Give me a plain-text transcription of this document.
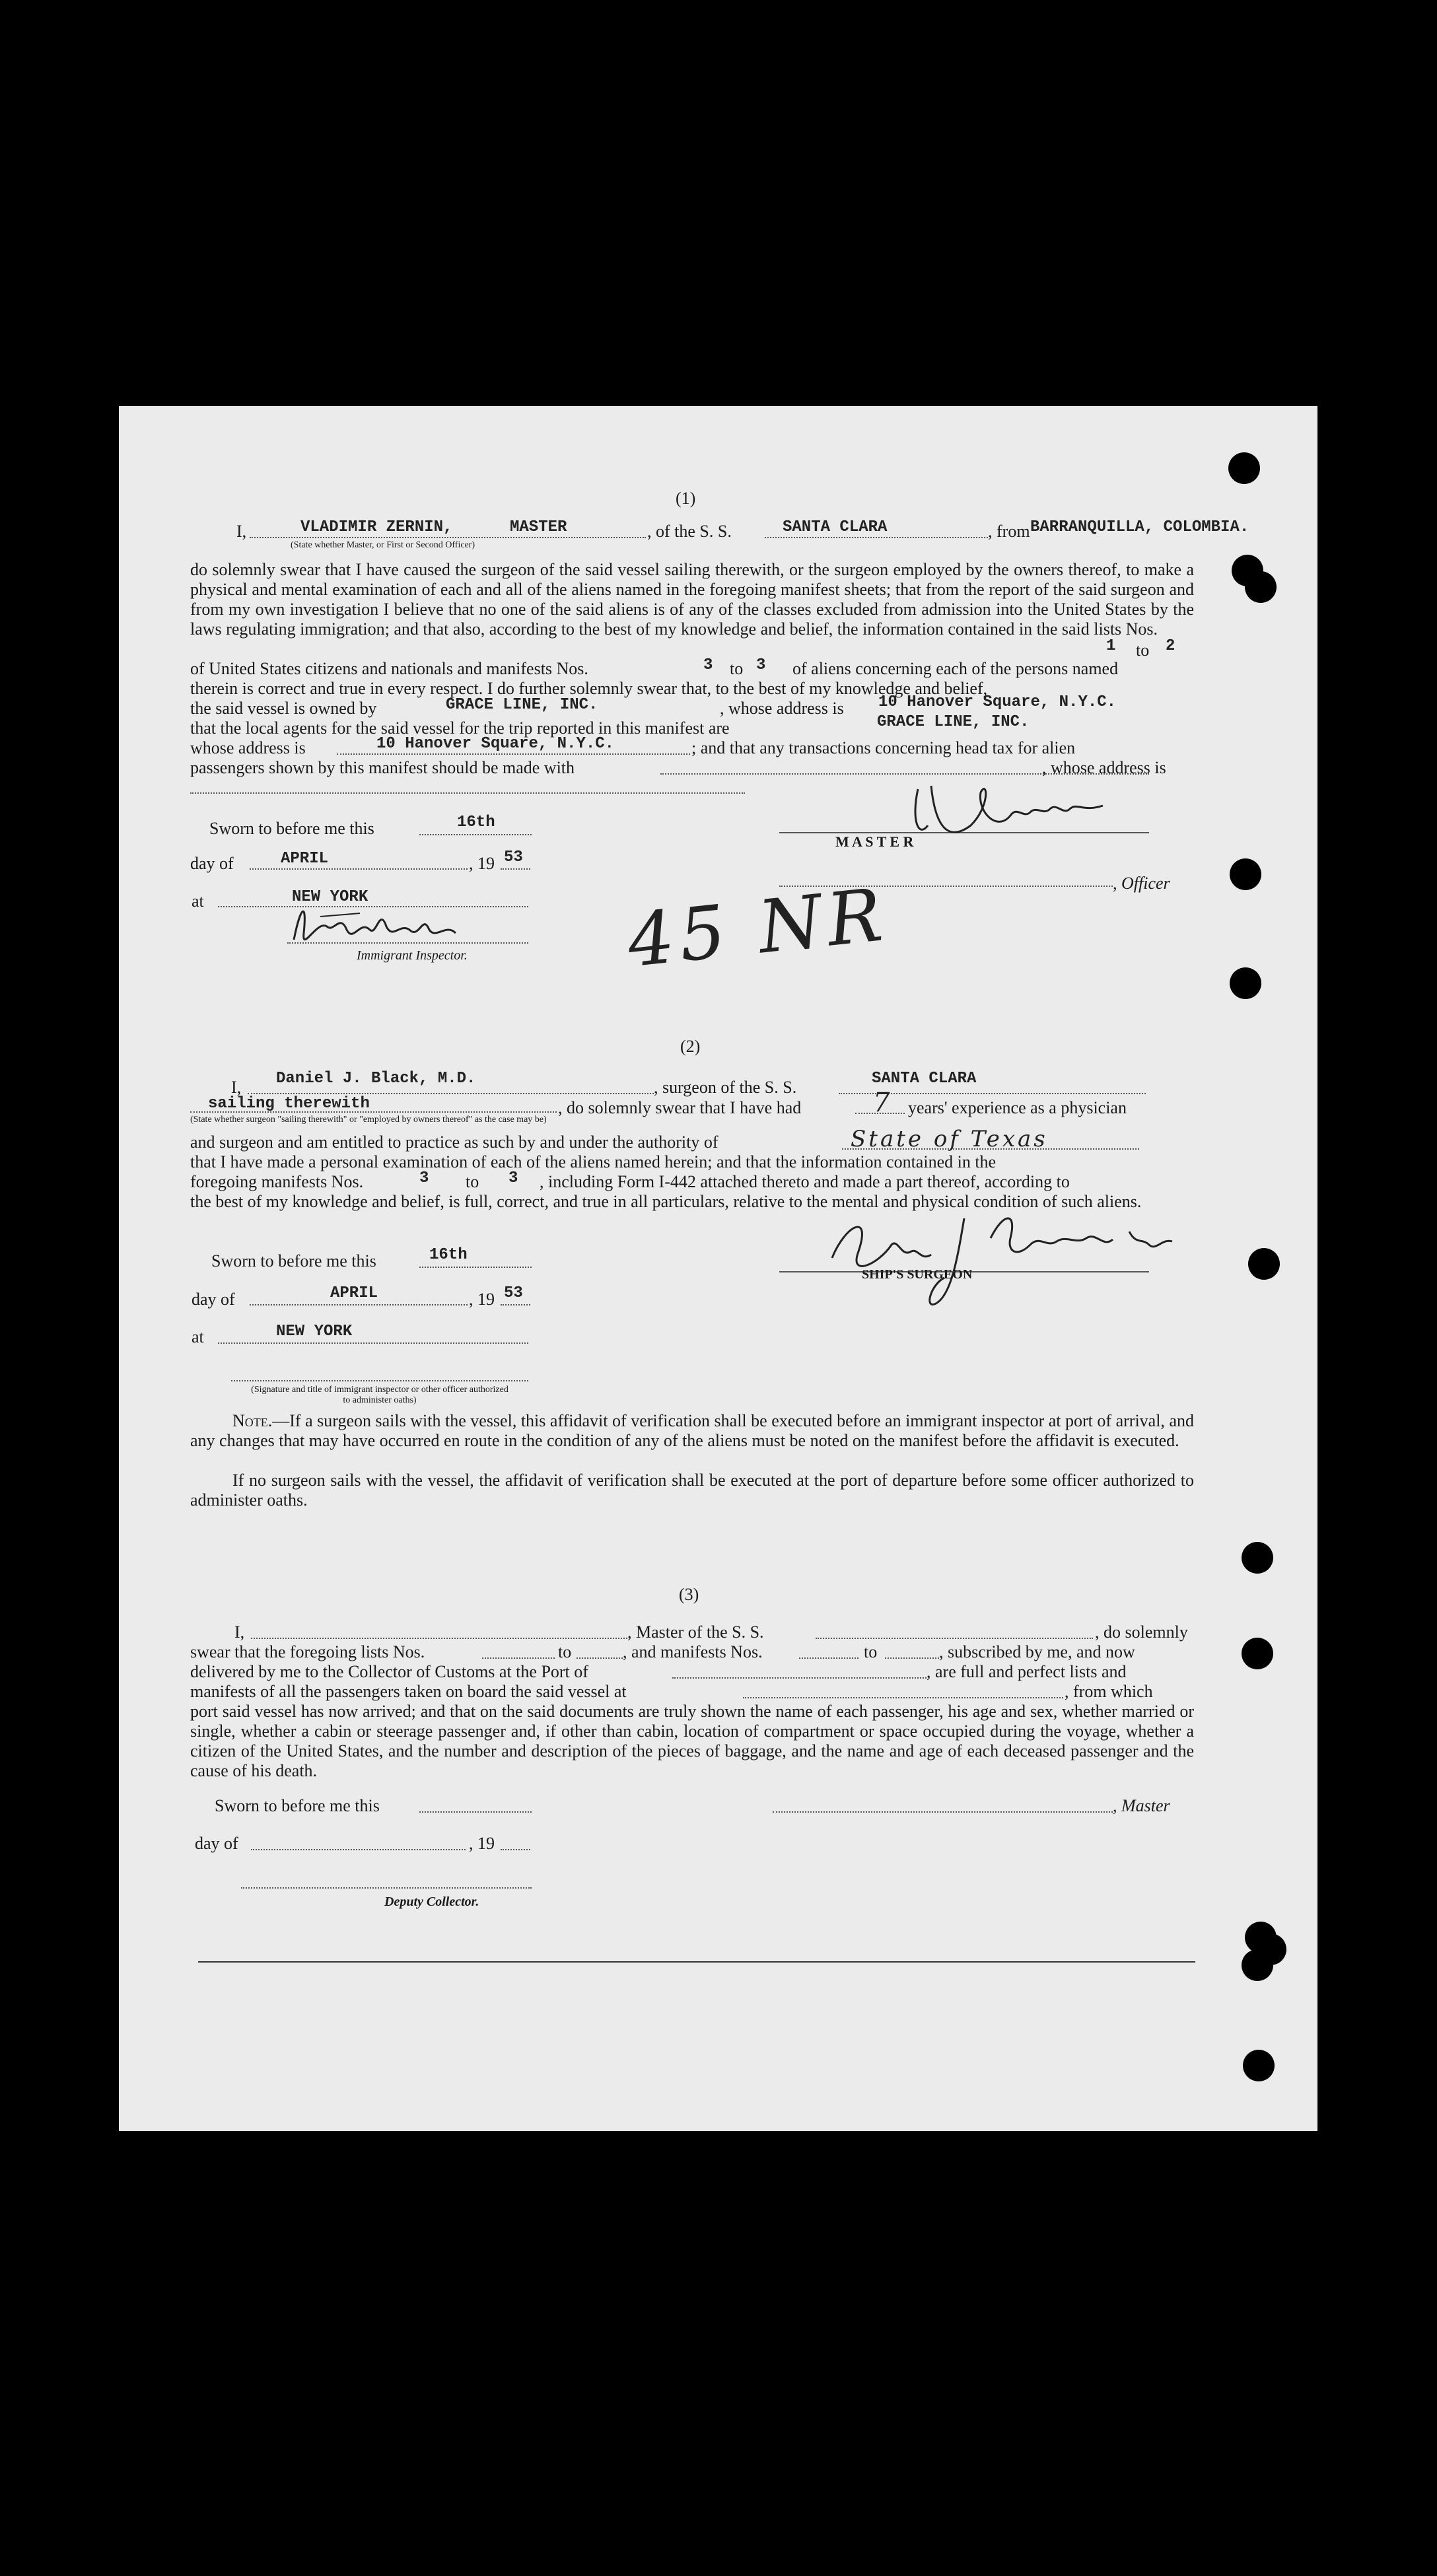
(1)
I,	VLADIMIR ZERNIN,	MASTER
(State whether Master, or First or Second Officer)
, of the S. S.	SANTA CLARA	, from BARRANQUILLA, COLOMBIA.
do solemnly swear that I have caused the surgeon of the said vessel sailing therewith, or the surgeon employed by the owners thereof, to make a physical and mental examination of each and all of the aliens named in the foregoing manifest sheets; that from the report of the said surgeon and from my own investigation I believe that no one of the said aliens is of any of the classes excluded from admission into the United States by the laws regulating immigration; and that also, according to the best of my knowledge and belief, the information contained in the said lists Nos.
of United States citizens and nationals and manifests Nos.
1 to 2
3 to 3 of aliens concerning each of the persons named
therein is correct and true in every respect. I do further solemnly swear that, to the best of my knowledge and belief,
the said vessel is owned by	GRACE LINE, INC.	, whose address is 10 Hanover Square, N.Y.C.
that the local agents for the said vessel for the trip reported in this manifest are	GRACE LINE, INC.
whose address is	10 Hanover Square, N.Y.C.	; and that any transactions concerning head tax for alien
passengers shown by this manifest should be made with	, whose address is
Sworn to before me this	16th
day of	APRIL	, 19 53
at	NEW YORK
Immigrant Inspector.
M A S T E R
, Officer
45 NR
(2)
I, Daniel J. Black, M.D.	, surgeon of the S. S.	SANTA CLARA
sailing therewith
(State whether surgeon "sailing therewith" or "employed by owners thereof" as the case may be)
, do solemnly swear that I have had	7 years' experience as a physician
and surgeon and am entitled to practice as such by and under the authority of	State of Texas
that I have made a personal examination of each of the aliens named herein; and that the information contained in the
foregoing manifests Nos.	3 to 3 , including Form I-442 attached thereto and made a part thereof, according to
the best of my knowledge and belief, is full, correct, and true in all particulars, relative to the mental and physical condition of such aliens.
SHIP'S SURGEON
Sworn to before me this	16th
day of	APRIL	, 19 53
at	NEW YORK
(Signature and title of immigrant inspector or other officer authorized to administer oaths)
Note.—If a surgeon sails with the vessel, this affidavit of verification shall be executed before an immigrant inspector at port of arrival, and any changes that may have occurred en route in the condition of any of the aliens must be noted on the manifest before the affidavit is executed.
If no surgeon sails with the vessel, the affidavit of verification shall be executed at the port of departure before some officer authorized to administer oaths.
(3)
I,	, Master of the S. S.	, do solemnly
swear that the foregoing lists Nos.	to	, and manifests Nos.	to	, subscribed by me, and now
delivered by me to the Collector of Customs at the Port of	, are full and perfect lists and
manifests of all the passengers taken on board the said vessel at	, from which
port said vessel has now arrived; and that on the said documents are truly shown the name of each passenger, his age and sex, whether married or single, whether a cabin or steerage passenger and, if other than cabin, location of compartment or space occupied during the voyage, whether a citizen of the United States, and the number and description of the pieces of baggage, and the name and age of each deceased passenger and the cause of his death.
Sworn to before me this	, Master
day of	, 19
Deputy Collector.
